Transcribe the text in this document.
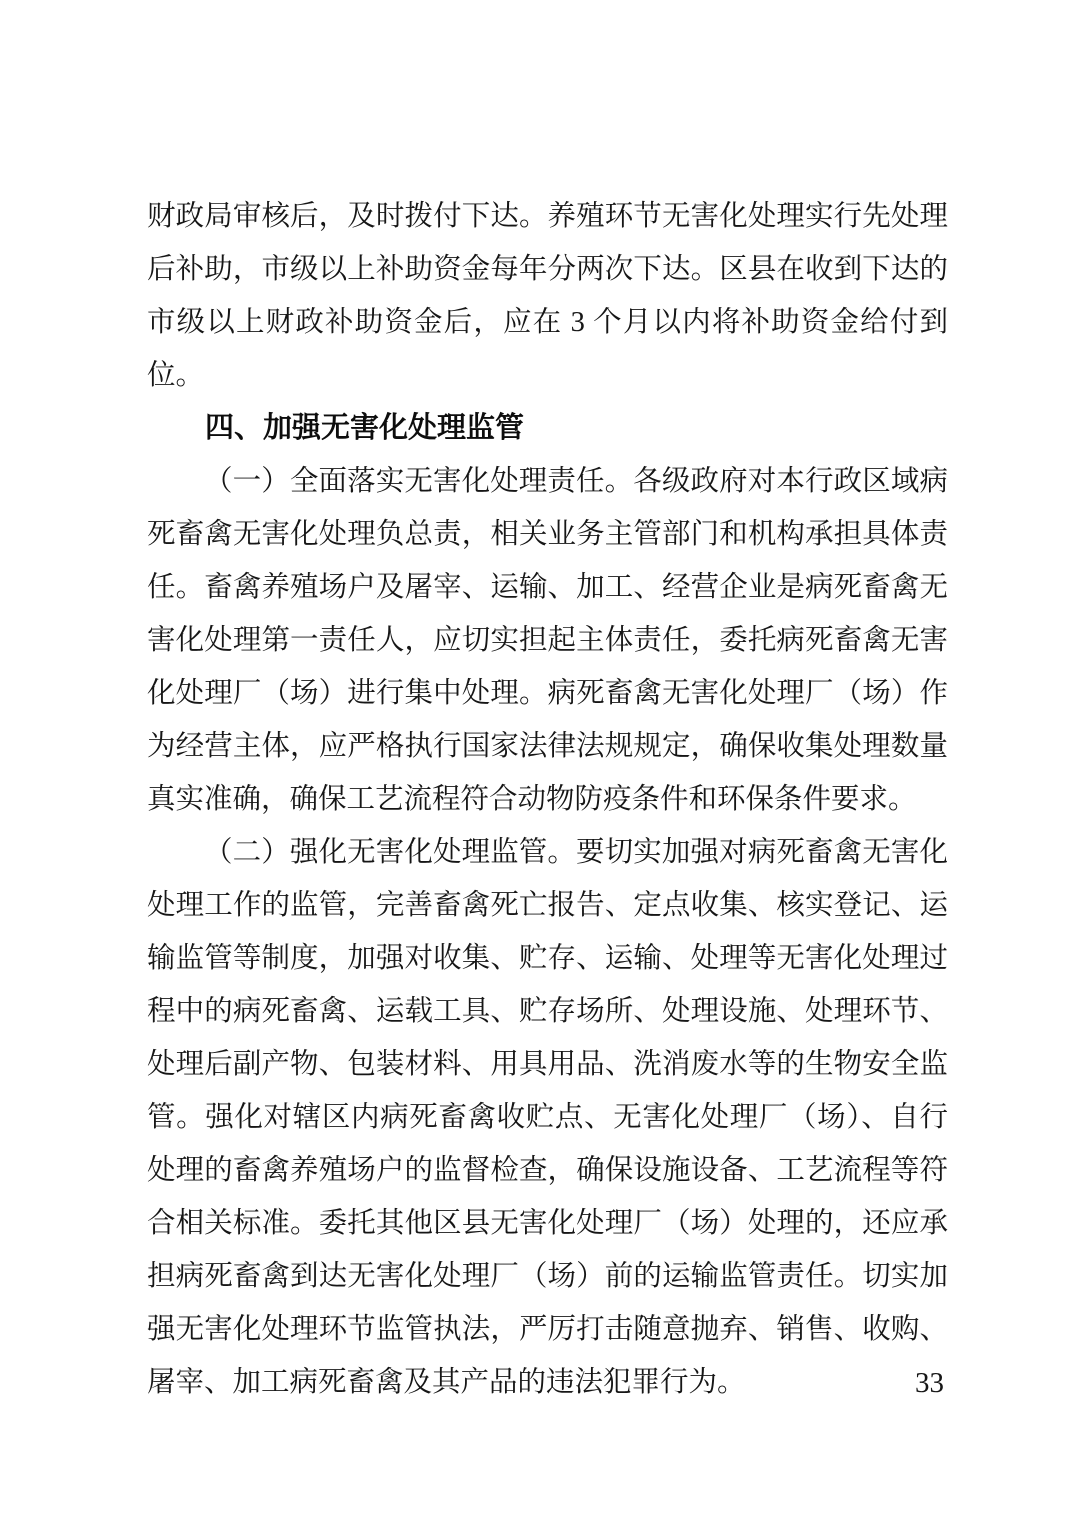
财政局审核后，及时拨付下达。养殖环节无害化处理实行先处理后补助，市级以上补助资金每年分两次下达。区县在收到下达的市级以上财政补助资金后，应在 3 个月以内将补助资金给付到位。

四、加强无害化处理监管

（一）全面落实无害化处理责任。各级政府对本行政区域病死畜禽无害化处理负总责，相关业务主管部门和机构承担具体责任。畜禽养殖场户及屠宰、运输、加工、经营企业是病死畜禽无害化处理第一责任人，应切实担起主体责任，委托病死畜禽无害化处理厂（场）进行集中处理。病死畜禽无害化处理厂（场）作为经营主体，应严格执行国家法律法规规定，确保收集处理数量真实准确，确保工艺流程符合动物防疫条件和环保条件要求。

（二）强化无害化处理监管。要切实加强对病死畜禽无害化处理工作的监管，完善畜禽死亡报告、定点收集、核实登记、运输监管等制度，加强对收集、贮存、运输、处理等无害化处理过程中的病死畜禽、运载工具、贮存场所、处理设施、处理环节、处理后副产物、包装材料、用具用品、洗消废水等的生物安全监管。强化对辖区内病死畜禽收贮点、无害化处理厂（场）、自行处理的畜禽养殖场户的监督检查，确保设施设备、工艺流程等符合相关标准。委托其他区县无害化处理厂（场）处理的，还应承担病死畜禽到达无害化处理厂（场）前的运输监管责任。切实加强无害化处理环节监管执法，严厉打击随意抛弃、销售、收购、屠宰、加工病死畜禽及其产品的违法犯罪行为。	33
